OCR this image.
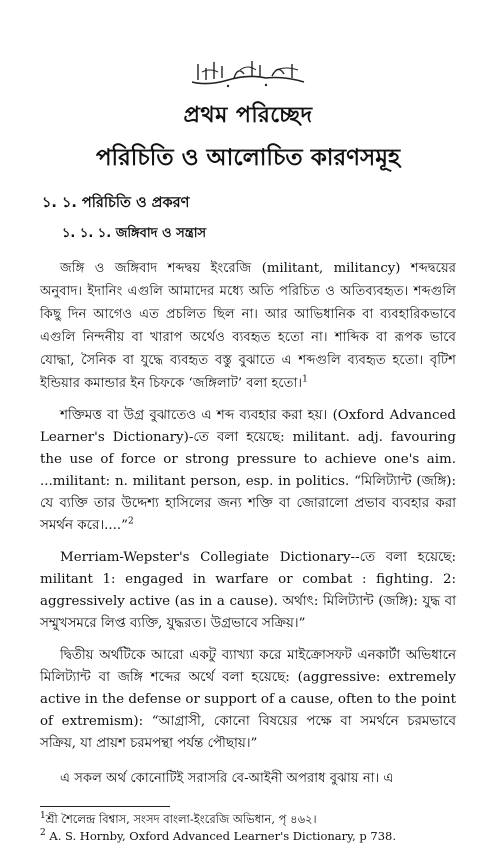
প্রথম পরিচ্ছেদ
পরিচিতি ও আলোচিত কারণসমূহ
১. ১. পরিচিতি ও প্রকরণ
১. ১. ১. জঙ্গিবাদ ও সন্ত্রাস

জঙ্গি ও জঙ্গিবাদ শব্দদ্বয় ইংরেজি (militant, militancy) শব্দদ্বয়ের অনুবাদ। ইদানিং এগুলি আমাদের মধ্যে অতি পরিচিত ও অতিব্যবহৃত। শব্দগুলি কিছু দিন আগেও এত প্রচলিত ছিল না। আর আভিধানিক বা ব্যবহারিকভাবে এগুলি নিন্দনীয় বা খারাপ অর্থেও ব্যবহৃত হতো না। শাব্দিক বা রূপক ভাবে যোদ্ধা, সৈনিক বা যুদ্ধে ব্যবহৃত বস্তু বুঝাতে এ শব্দগুলি ব্যবহৃত হতো। বৃটিশ ইন্ডিয়ার কমান্ডার ইন চিফকে ‘জঙ্গিলাট’ বলা হতো।$^1$

শক্তিমত্ত বা উগ্র বুঝাতেও এ শব্দ ব্যবহার করা হয়। (Oxford Advanced Learner's Dictionary)-তে বলা হয়েছে: militant. adj. favouring the use of force or strong pressure to achieve one's aim. ...militant: n. militant person, esp. in politics. “মিলিট্যান্ট (জঙ্গি): যে ব্যক্তি তার উদ্দেশ্য হাসিলের জন্য শক্তি বা জোরালো প্রভাব ব্যবহার করা সমর্থন করে।....”$^2$

Merriam-Wepster's Collegiate Dictionary--তে বলা হয়েছে: militant 1: engaged in warfare or combat : fighting. 2: aggressively active (as in a cause). অর্থাৎ: মিলিট্যান্ট (জঙ্গি): যুদ্ধ বা সম্মুখসমরে লিপ্ত ব্যক্তি, যুদ্ধরত। উগ্রভাবে সক্রিয়।”

দ্বিতীয় অর্থটিকে আরো একটু ব্যাখ্যা করে মাইক্রোসফট এনকার্টা অভিধানে মিলিট্যান্ট বা জঙ্গি শব্দের অর্থে বলা হয়েছে: (aggressive: extremely active in the defense or support of a cause, often to the point of extremism): “আগ্রাসী, কোনো বিষয়ের পক্ষে বা সমর্থনে চরমভাবে সক্রিয়, যা প্রায়শ চরমপন্থা পর্যন্ত পৌছায়।”

এ সকল অর্থ কোনোটিই সরাসরি বে-আইনী অপরাধ বুঝায় না। এ

$^1$শ্রী শৈলেন্দ্র বিশ্বাস, সংসদ বাংলা-ইংরেজি অভিধান, পৃ ৪৬২।
$^2$ A. S. Hornby, Oxford Advanced Learner's Dictionary, p 738.
